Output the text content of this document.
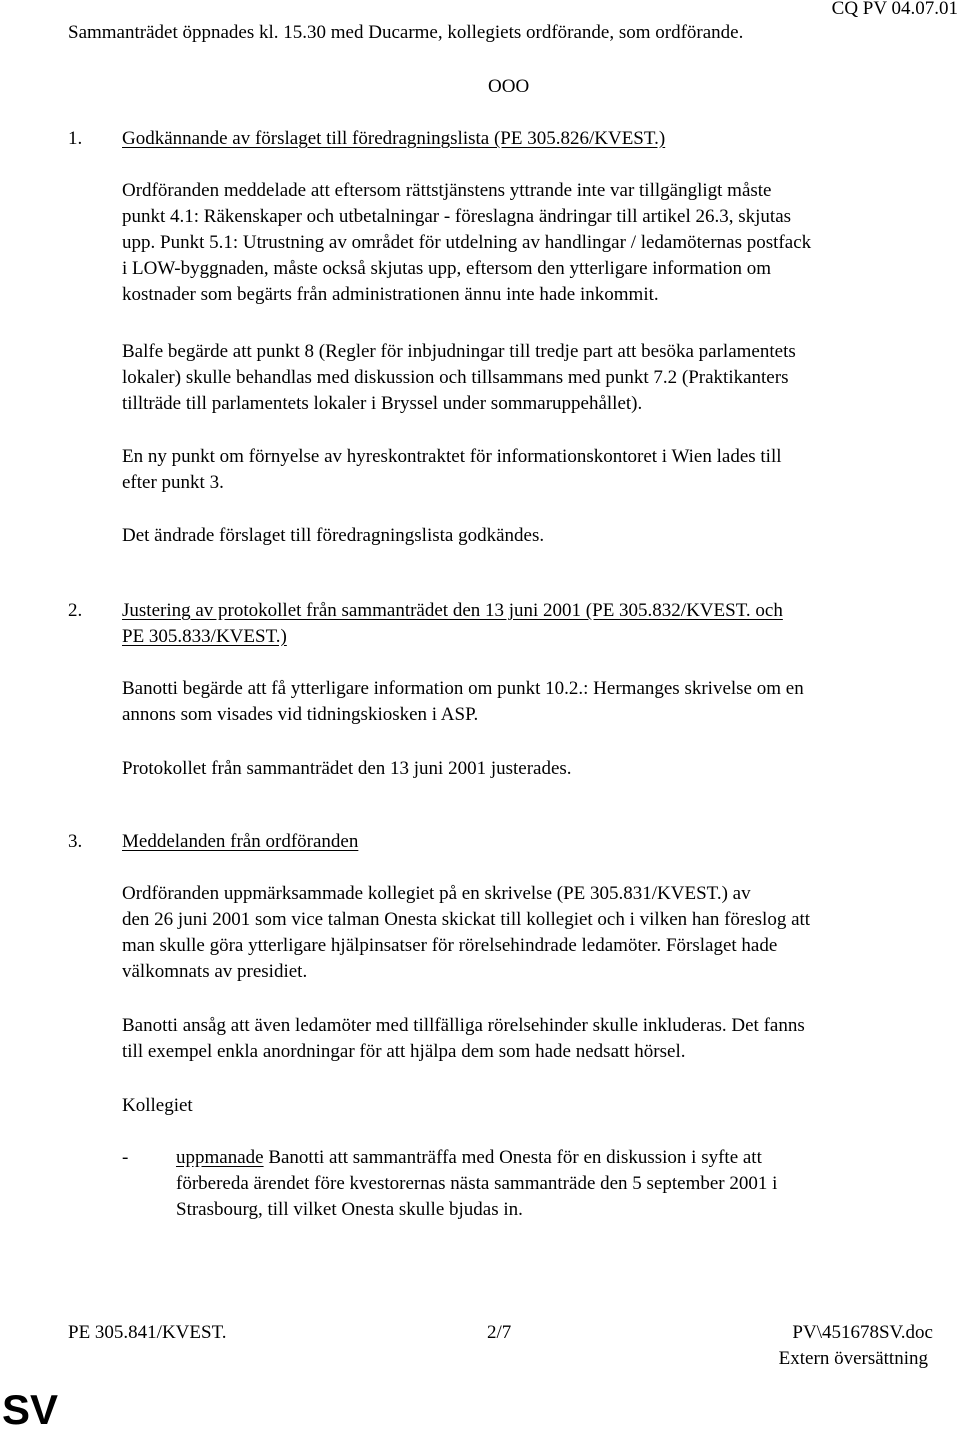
CQ PV 04.07.01
Sammanträdet öppnades kl. 15.30 med Ducarme, kollegiets ordförande, som ordförande.
OOO
1. Godkännande av förslaget till föredragningslista (PE 305.826/KVEST.)
Ordföranden meddelade att eftersom rättstjänstens yttrande inte var tillgängligt måste
punkt 4.1: Räkenskaper och utbetalningar - föreslagna ändringar till artikel 26.3, skjutas
upp. Punkt 5.1: Utrustning av området för utdelning av handlingar / ledamöternas postfack
i LOW-byggnaden, måste också skjutas upp, eftersom den ytterligare information om
kostnader som begärts från administrationen ännu inte hade inkommit.
Balfe begärde att punkt 8 (Regler för inbjudningar till tredje part att besöka parlamentets
lokaler) skulle behandlas med diskussion och tillsammans med punkt 7.2 (Praktikanters
tillträde till parlamentets lokaler i Bryssel under sommaruppehållet).
En ny punkt om förnyelse av hyreskontraktet för informationskontoret i Wien lades till
efter punkt 3.
Det ändrade förslaget till föredragningslista godkändes.
2. Justering av protokollet från sammanträdet den 13 juni 2001 (PE 305.832/KVEST. och
PE 305.833/KVEST.)
Banotti begärde att få ytterligare information om punkt 10.2.: Hermanges skrivelse om en
annons som visades vid tidningskiosken i ASP.
Protokollet från sammanträdet den 13 juni 2001 justerades.
3. Meddelanden från ordföranden
Ordföranden uppmärksammade kollegiet på en skrivelse (PE 305.831/KVEST.) av
den 26 juni 2001 som vice talman Onesta skickat till kollegiet och i vilken han föreslog att
man skulle göra ytterligare hjälpinsatser för rörelsehindrade ledamöter. Förslaget hade
välkomnats av presidiet.
Banotti ansåg att även ledamöter med tillfälliga rörelsehinder skulle inkluderas. Det fanns
till exempel enkla anordningar för att hjälpa dem som hade nedsatt hörsel.
Kollegiet
-	uppmanade Banotti att sammanträffa med Onesta för en diskussion i syfte att
förbereda ärendet före kvestorernas nästa sammanträde den 5 september 2001 i
Strasbourg, till vilket Onesta skulle bjudas in.
PE 305.841/KVEST.	2/7	PV\451678SV.doc
Extern översättning
SV
